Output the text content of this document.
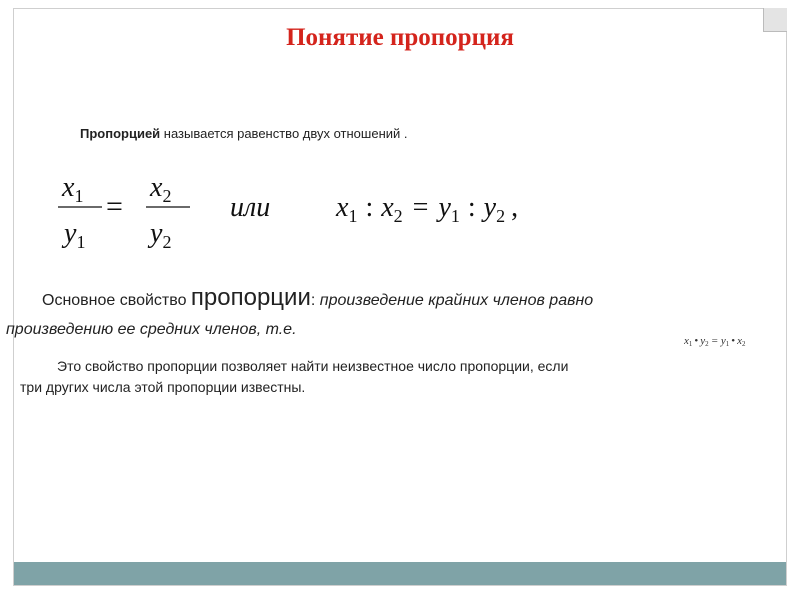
Понятие пропорция
Пропорцией называется равенство двух отношений .
$x_1$
$y_1$
=
$x_2$
$y_2$
или $x_1$ : $x_2 = y_1$ : $y_2$ ,
Основное свойство пропорции: произведение крайних членов равно
произведению ее средних членов, т.е.
x1 • y2 = y1 • x2
Это свойство пропорции позволяет найти неизвестное число пропорции, если
три других числа этой пропорции известны.
